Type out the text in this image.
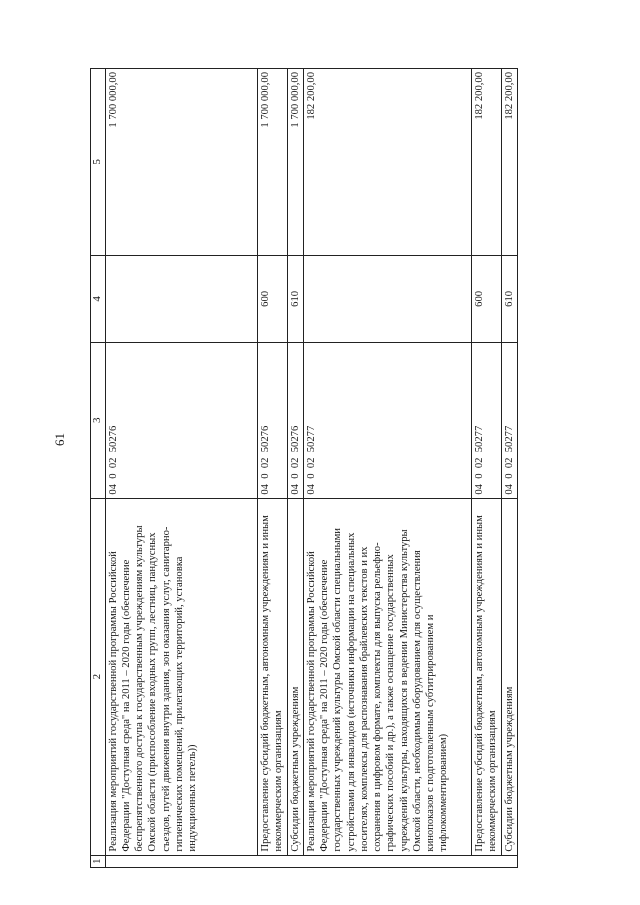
61
1	2	3	4	5
	Реализация мероприятий государственной программы Российской Федерации "Доступная среда" на 2011 – 2020 годы (обеспечение беспрепятственного доступа к государственным учреждениям культуры Омской области (приспособление входных групп, лестниц, пандусных съездов, путей движения внутри здания, зон оказания услуг, санитарно-гигиенических помещений, прилегающих территорий, установка индукционных петель))	04  0  02  50276		1 700 000,00
	Предоставление субсидий бюджетным, автономным учреждениям и иным некоммерческим организациям	04  0  02  50276	600	1 700 000,00
	Субсидии бюджетным учреждениям	04  0  02  50276	610	1 700 000,00
	Реализация мероприятий государственной программы Российской Федерации "Доступная среда" на 2011 – 2020 годы (обеспечение государственных учреждений культуры Омской области специальными устройствами для инвалидов (источники информации на специальных носителях, комплексы для распознавания брайлевских текстов и их сохранения в цифровом формате, комплекты для выпуска рельефно-графических пособий и др.), а также оснащение государственных учреждений культуры, находящихся в ведении Министерства культуры Омской области, необходимым оборудованием для осуществления кинопоказов с подготовленным субтитрированием и тифлокомментированием)	04  0  02  50277		182 200,00
	Предоставление субсидий бюджетным, автономным учреждениям и иным некоммерческим организациям	04  0  02  50277	600	182 200,00
	Субсидии бюджетным учреждениям	04  0  02  50277	610	182 200,00
